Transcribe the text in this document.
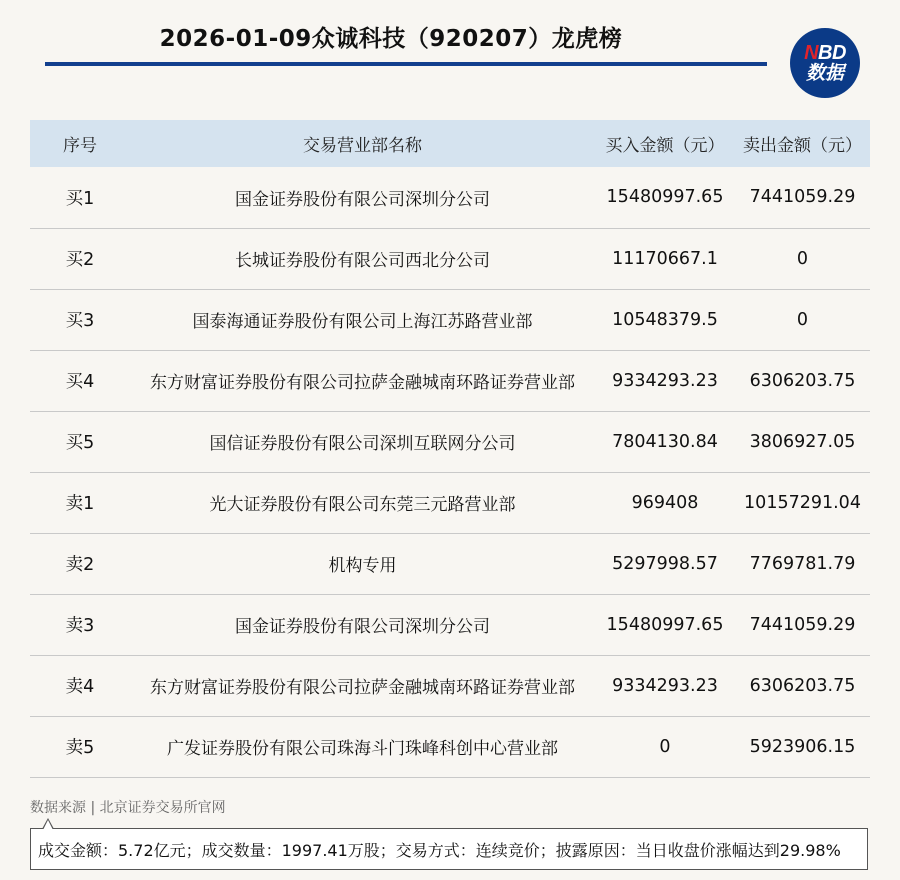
2026-01-09众诚科技（920207）龙虎榜
NBD
数据
序号	交易营业部名称	买入金额（元）	卖出金额（元）
买1	国金证券股份有限公司深圳分公司	15480997.65	7441059.29
买2	长城证券股份有限公司西北分公司	11170667.1	0
买3	国泰海通证券股份有限公司上海江苏路营业部	10548379.5	0
买4	东方财富证券股份有限公司拉萨金融城南环路证券营业部	9334293.23	6306203.75
买5	国信证券股份有限公司深圳互联网分公司	7804130.84	3806927.05
卖1	光大证券股份有限公司东莞三元路营业部	969408	10157291.04
卖2	机构专用	5297998.57	7769781.79
卖3	国金证券股份有限公司深圳分公司	15480997.65	7441059.29
卖4	东方财富证券股份有限公司拉萨金融城南环路证券营业部	9334293.23	6306203.75
卖5	广发证券股份有限公司珠海斗门珠峰科创中心营业部	0	5923906.15
数据来源 | 北京证券交易所官网
成交金额：5.72亿元；成交数量：1997.41万股；交易方式：连续竞价；披露原因：当日收盘价涨幅达到29.98%
